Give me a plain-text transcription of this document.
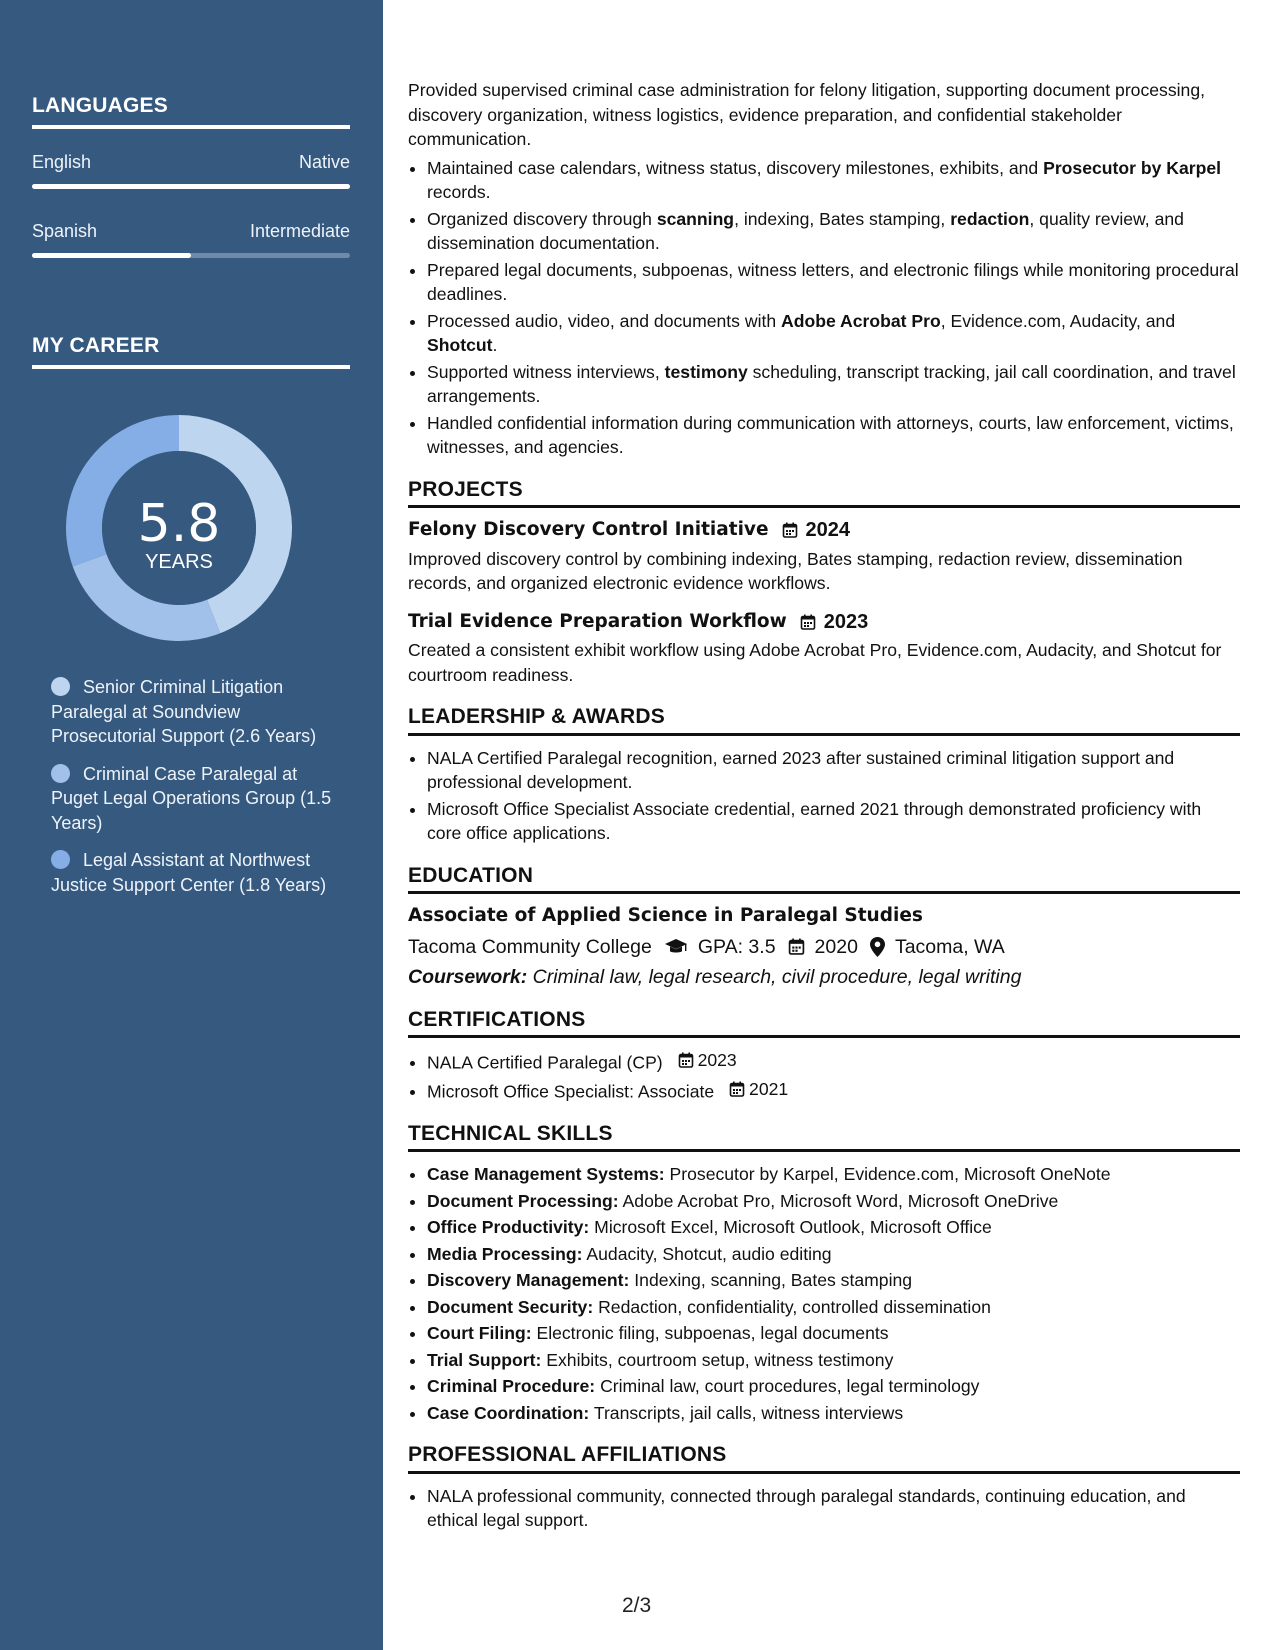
LANGUAGES
English	Native
Spanish	Intermediate
MY CAREER
5.8
YEARS
Senior Criminal Litigation Paralegal at Soundview Prosecutorial Support (2.6 Years)
Criminal Case Paralegal at Puget Legal Operations Group (1.5 Years)
Legal Assistant at Northwest Justice Support Center (1.8 Years)

Provided supervised criminal case administration for felony litigation, supporting document processing, discovery organization, witness logistics, evidence preparation, and confidential stakeholder communication.

• Maintained case calendars, witness status, discovery milestones, exhibits, and Prosecutor by Karpel records.
• Organized discovery through scanning, indexing, Bates stamping, redaction, quality review, and dissemination documentation.
• Prepared legal documents, subpoenas, witness letters, and electronic filings while monitoring procedural deadlines.
• Processed audio, video, and documents with Adobe Acrobat Pro, Evidence.com, Audacity, and Shotcut.
• Supported witness interviews, testimony scheduling, transcript tracking, jail call coordination, and travel arrangements.
• Handled confidential information during communication with attorneys, courts, law enforcement, victims, witnesses, and agencies.
PROJECTS
Felony Discovery Control Initiative 2024

Improved discovery control by combining indexing, Bates stamping, redaction review, dissemination records, and organized electronic evidence workflows.

Trial Evidence Preparation Workflow 2023

Created a consistent exhibit workflow using Adobe Acrobat Pro, Evidence.com, Audacity, and Shotcut for courtroom readiness.

LEADERSHIP & AWARDS
• NALA Certified Paralegal recognition, earned 2023 after sustained criminal litigation support and professional development.
• Microsoft Office Specialist Associate credential, earned 2021 through demonstrated proficiency with core office applications.
EDUCATION
Associate of Applied Science in Paralegal Studies
Tacoma Community College GPA: 3.5 2020 Tacoma, WA
Coursework: Criminal law, legal research, civil procedure, legal writing
CERTIFICATIONS
• NALA Certified Paralegal (CP) 2023
• Microsoft Office Specialist: Associate 2021
TECHNICAL SKILLS
• Case Management Systems: Prosecutor by Karpel, Evidence.com, Microsoft OneNote
• Document Processing: Adobe Acrobat Pro, Microsoft Word, Microsoft OneDrive
• Office Productivity: Microsoft Excel, Microsoft Outlook, Microsoft Office
• Media Processing: Audacity, Shotcut, audio editing
• Discovery Management: Indexing, scanning, Bates stamping
• Document Security: Redaction, confidentiality, controlled dissemination
• Court Filing: Electronic filing, subpoenas, legal documents
• Trial Support: Exhibits, courtroom setup, witness testimony
• Criminal Procedure: Criminal law, court procedures, legal terminology
• Case Coordination: Transcripts, jail calls, witness interviews
PROFESSIONAL AFFILIATIONS
• NALA professional community, connected through paralegal standards, continuing education, and ethical legal support.
2/3
